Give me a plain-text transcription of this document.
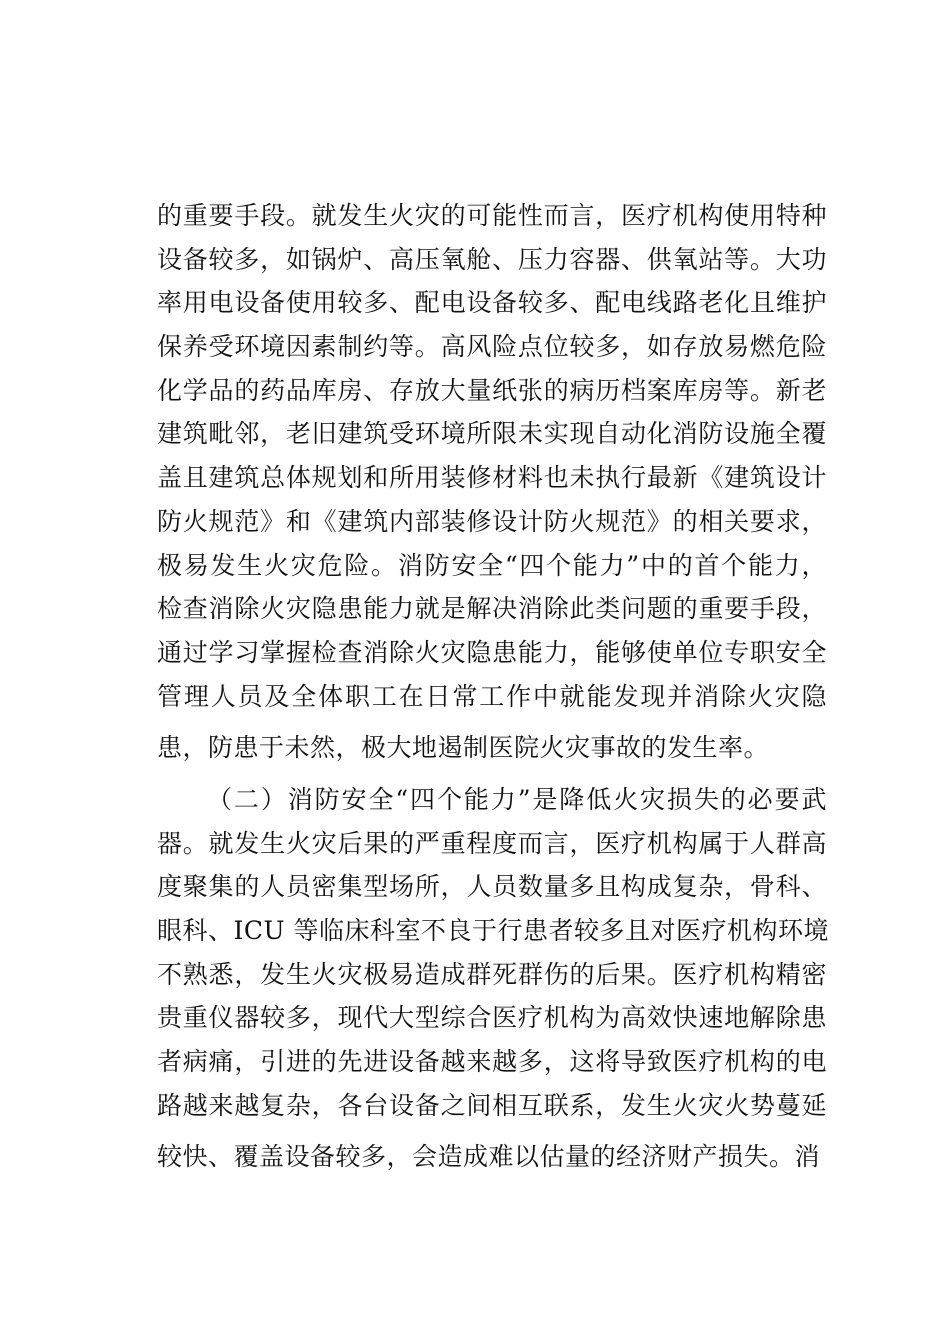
的重要手段。就发生火灾的可能性而言，医疗机构使用特种
设备较多，如锅炉、高压氧舱、压力容器、供氧站等。大功
率用电设备使用较多、配电设备较多、配电线路老化且维护
保养受环境因素制约等。高风险点位较多，如存放易燃危险
化学品的药品库房、存放大量纸张的病历档案库房等。新老
建筑毗邻，老旧建筑受环境所限未实现自动化消防设施全覆
盖且建筑总体规划和所用装修材料也未执行最新《建筑设计
防火规范》和《建筑内部装修设计防火规范》的相关要求，
极易发生火灾危险。消防安全“四个能力”中的首个能力，
检查消除火灾隐患能力就是解决消除此类问题的重要手段，
通过学习掌握检查消除火灾隐患能力，能够使单位专职安全
管理人员及全体职工在日常工作中就能发现并消除火灾隐
患，防患于未然，极大地遏制医院火灾事故的发生率。
（二）消防安全“四个能力”是降低火灾损失的必要武
器。就发生火灾后果的严重程度而言，医疗机构属于人群高
度聚集的人员密集型场所，人员数量多且构成复杂，骨科、
眼科、ICU 等临床科室不良于行患者较多且对医疗机构环境
不熟悉，发生火灾极易造成群死群伤的后果。医疗机构精密
贵重仪器较多，现代大型综合医疗机构为高效快速地解除患
者病痛，引进的先进设备越来越多，这将导致医疗机构的电
路越来越复杂，各台设备之间相互联系，发生火灾火势蔓延
较快、覆盖设备较多，会造成难以估量的经济财产损失。消
